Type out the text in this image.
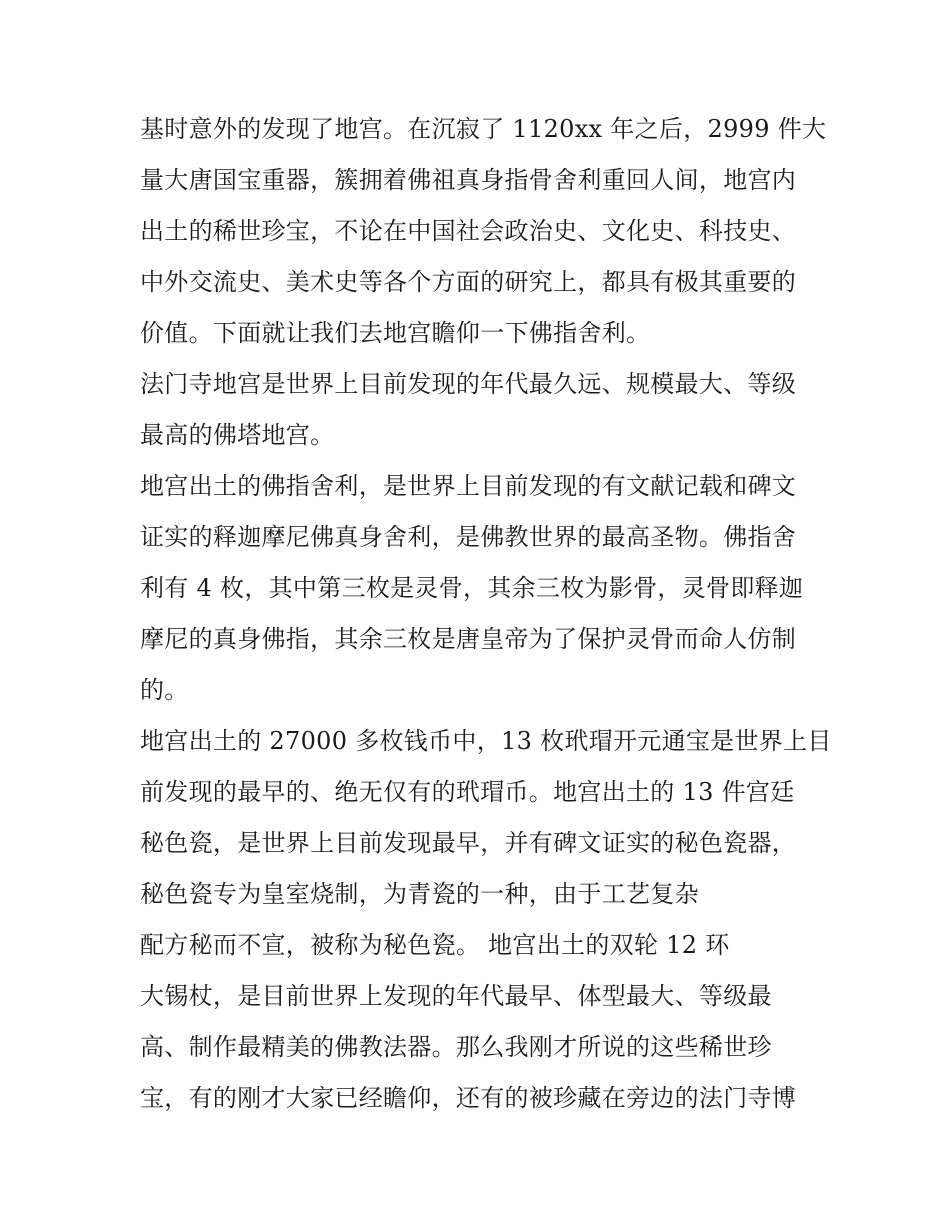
基时意外的发现了地宫。在沉寂了 1120xx 年之后，2999 件大
量大唐国宝重器，簇拥着佛祖真身指骨舍利重回人间，地宫内
出土的稀世珍宝，不论在中国社会政治史、文化史、科技史、
中外交流史、美术史等各个方面的研究上，都具有极其重要的
价值。下面就让我们去地宫瞻仰一下佛指舍利。
法门寺地宫是世界上目前发现的年代最久远、规模最大、等级
最高的佛塔地宫。
地宫出土的佛指舍利，是世界上目前发现的有文献记载和碑文
证实的释迦摩尼佛真身舍利，是佛教世界的最高圣物。佛指舍
利有 4 枚，其中第三枚是灵骨，其余三枚为影骨，灵骨即释迦
摩尼的真身佛指，其余三枚是唐皇帝为了保护灵骨而命人仿制
的。
地宫出土的 27000 多枚钱币中，13 枚玳瑁开元通宝是世界上目
前发现的最早的、绝无仅有的玳瑁币。地宫出土的 13 件宫廷
秘色瓷，是世界上目前发现最早，并有碑文证实的秘色瓷器，
秘色瓷专为皇室烧制，为青瓷的一种，由于工艺复杂
配方秘而不宣，被称为秘色瓷。 地宫出土的双轮 12 环
大锡杖，是目前世界上发现的年代最早、体型最大、等级最
高、制作最精美的佛教法器。那么我刚才所说的这些稀世珍
宝，有的刚才大家已经瞻仰，还有的被珍藏在旁边的法门寺博
